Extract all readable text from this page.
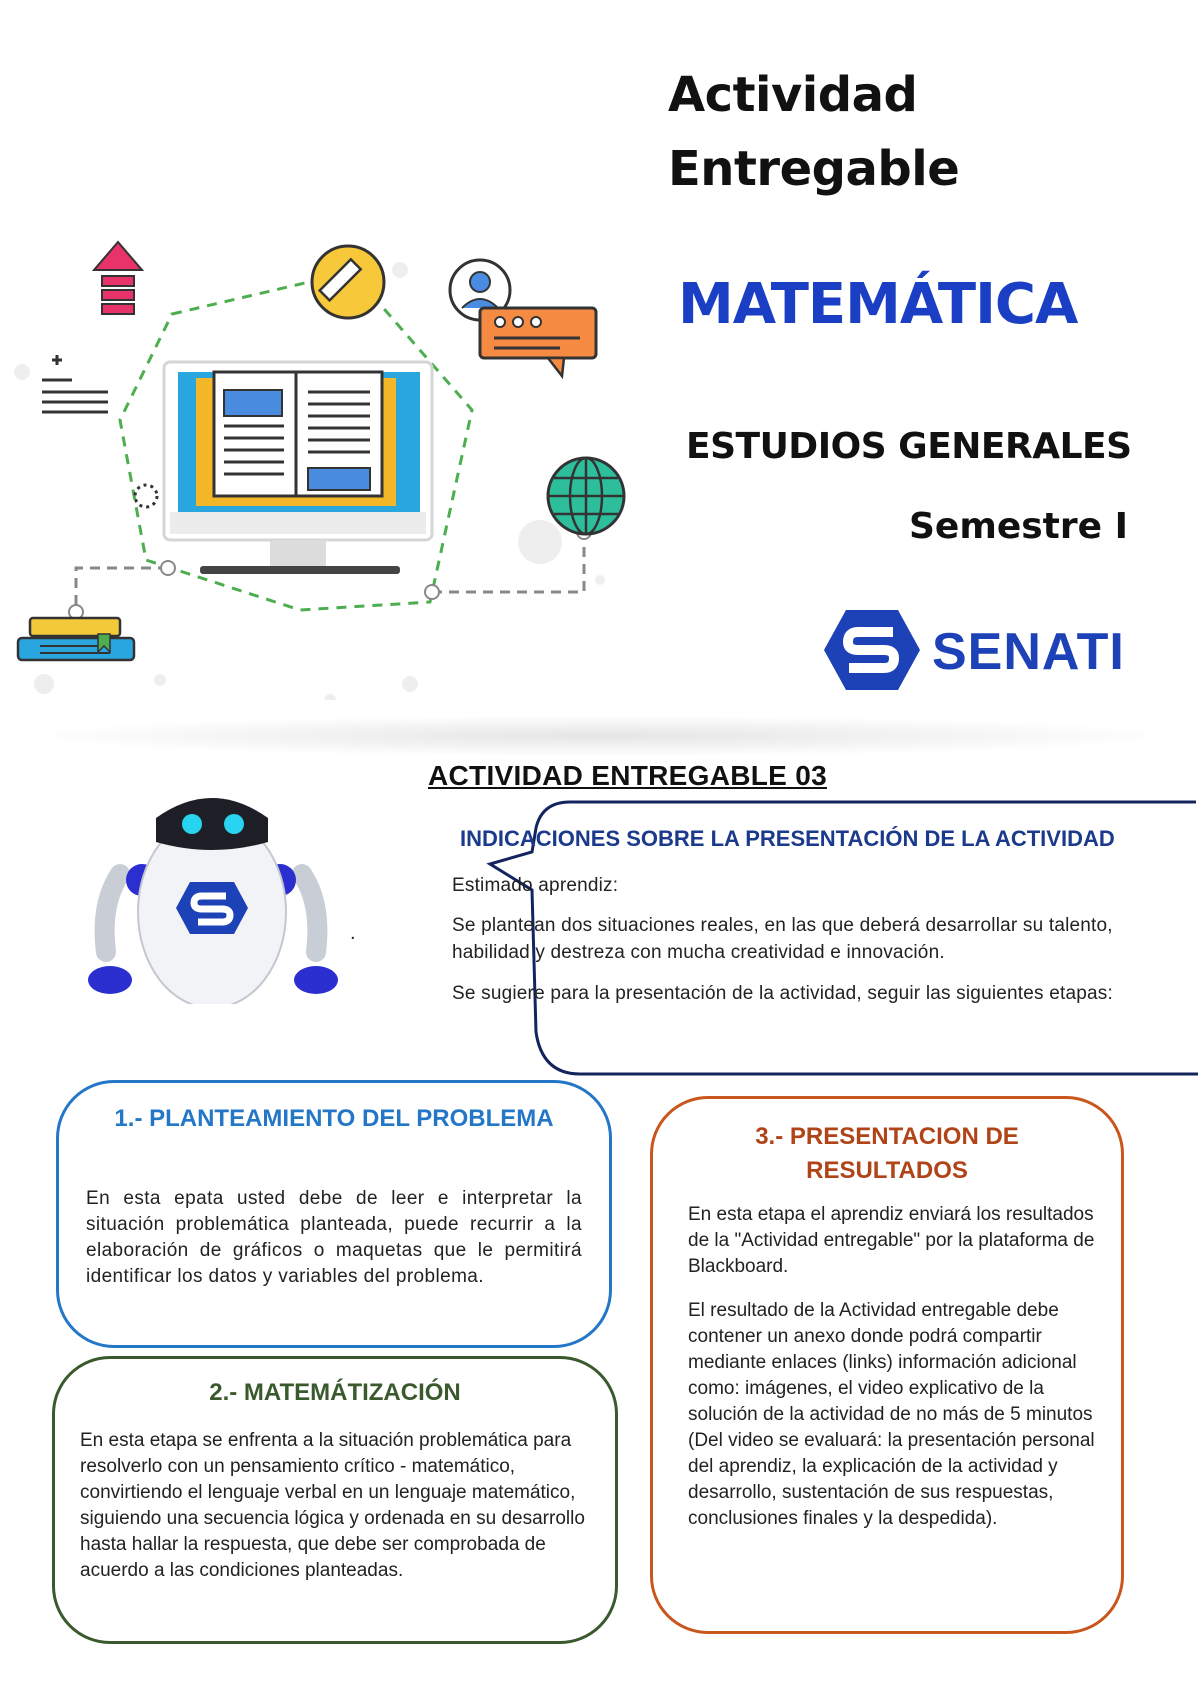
Actividad
Entregable
MATEMÁTICA
ESTUDIOS GENERALES
Semestre I
SENATI
ACTIVIDAD ENTREGABLE 03
INDICACIONES SOBRE LA PRESENTACIÓN DE LA ACTIVIDAD
Estimado aprendiz:
Se plantean dos situaciones reales, en las que deberá desarrollar su talento, habilidad y destreza con mucha creatividad e innovación.
Se sugiere para la presentación de la actividad, seguir las siguientes etapas:
.
1.- PLANTEAMIENTO DEL PROBLEMA
En esta epata usted debe de leer e interpretar la situación problemática planteada, puede recurrir a la elaboración de gráficos o maquetas que le permitirá identificar los datos y variables del problema.
2.- MATEMÁTIZACIÓN
En esta etapa se enfrenta a la situación problemática para resolverlo con un pensamiento crítico - matemático, convirtiendo el lenguaje verbal en un lenguaje matemático, siguiendo una secuencia lógica y ordenada en su desarrollo hasta hallar la respuesta, que debe ser comprobada de acuerdo a las condiciones planteadas.
3.- PRESENTACION DE RESULTADOS
En esta etapa el aprendiz enviará los resultados de la "Actividad entregable" por la plataforma de Blackboard.
El resultado de la Actividad entregable debe contener un anexo donde podrá compartir mediante enlaces (links) información adicional como: imágenes, el video explicativo de la solución de la actividad de no más de 5 minutos (Del video se evaluará: la presentación personal del aprendiz, la explicación de la actividad y desarrollo, sustentación de sus respuestas, conclusiones finales y la despedida).
